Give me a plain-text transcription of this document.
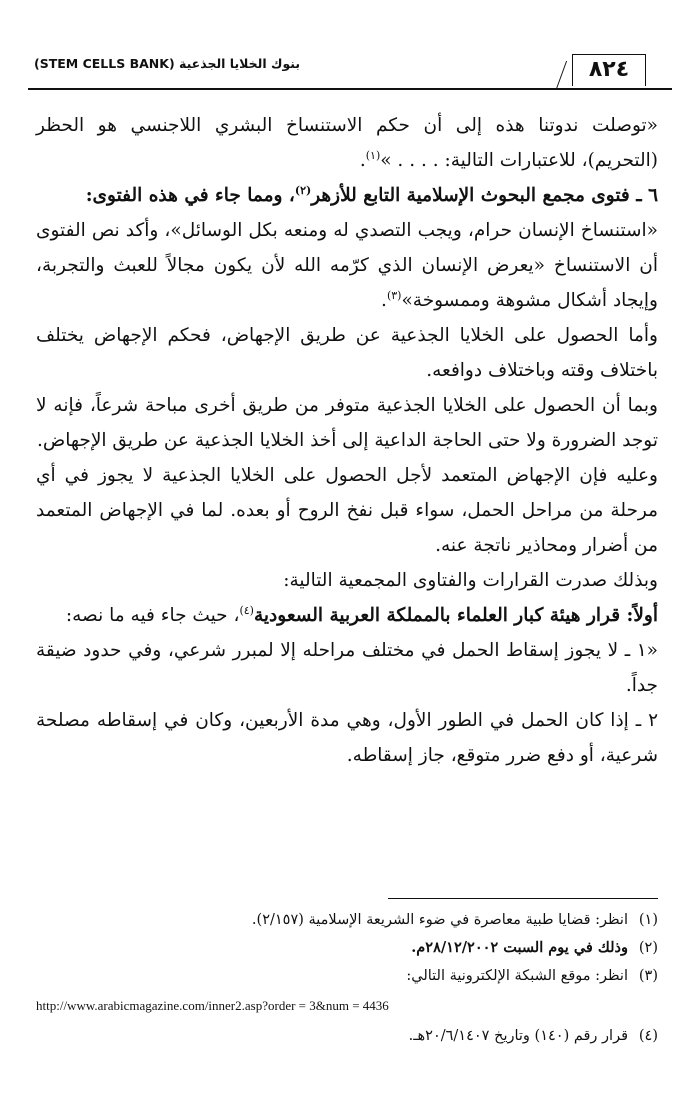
بنوك الخلايا الجذعية (STEM CELLS BANK)	٨٢٤

«توصلت ندوتنا هذه إلى أن حكم الاستنساخ البشري اللاجنسي هو الحظر (التحريم)، للاعتبارات التالية: . . . . »$^{(١)}$.

٦ ـ فتوى مجمع البحوث الإسلامية التابع للأزهر$^{(٢)}$، ومما جاء في هذه الفتوى:

«استنساخ الإنسان حرام، ويجب التصدي له ومنعه بكل الوسائل»، وأكد نص الفتوى أن الاستنساخ «يعرض الإنسان الذي كرّمه الله لأن يكون مجالاً للعبث والتجربة، وإيجاد أشكال مشوهة وممسوخة»$^{(٣)}$.

وأما الحصول على الخلايا الجذعية عن طريق الإجهاض، فحكم الإجهاض يختلف باختلاف وقته وباختلاف دوافعه.

وبما أن الحصول على الخلايا الجذعية متوفر من طريق أخرى مباحة شرعاً، فإنه لا توجد الضرورة ولا حتى الحاجة الداعية إلى أخذ الخلايا الجذعية عن طريق الإجهاض.

وعليه فإن الإجهاض المتعمد لأجل الحصول على الخلايا الجذعية لا يجوز في أي مرحلة من مراحل الحمل، سواء قبل نفخ الروح أو بعده. لما في الإجهاض المتعمد من أضرار ومحاذير ناتجة عنه.

وبذلك صدرت القرارات والفتاوى المجمعية التالية:

أولاً: قرار هيئة كبار العلماء بالمملكة العربية السعودية$^{(٤)}$، حيث جاء فيه ما نصه:

«١ ـ لا يجوز إسقاط الحمل في مختلف مراحله إلا لمبرر شرعي، وفي حدود ضيقة جداً.

٢ ـ إذا كان الحمل في الطور الأول، وهي مدة الأربعين، وكان في إسقاطه مصلحة شرعية، أو دفع ضرر متوقع، جاز إسقاطه.

(١)انظر: قضايا طبية معاصرة في ضوء الشريعة الإسلامية (٢/١٥٧).
(٢)وذلك في يوم السبت ٢٨/١٢/٢٠٠٢م.
(٣)انظر: موقع الشبكة الإلكترونية التالي:
http://www.arabicmagazine.com/inner2.asp?order = 3&num = 4436
(٤)قرار رقم (١٤٠) وتاريخ ٢٠/٦/١٤٠٧هـ.
